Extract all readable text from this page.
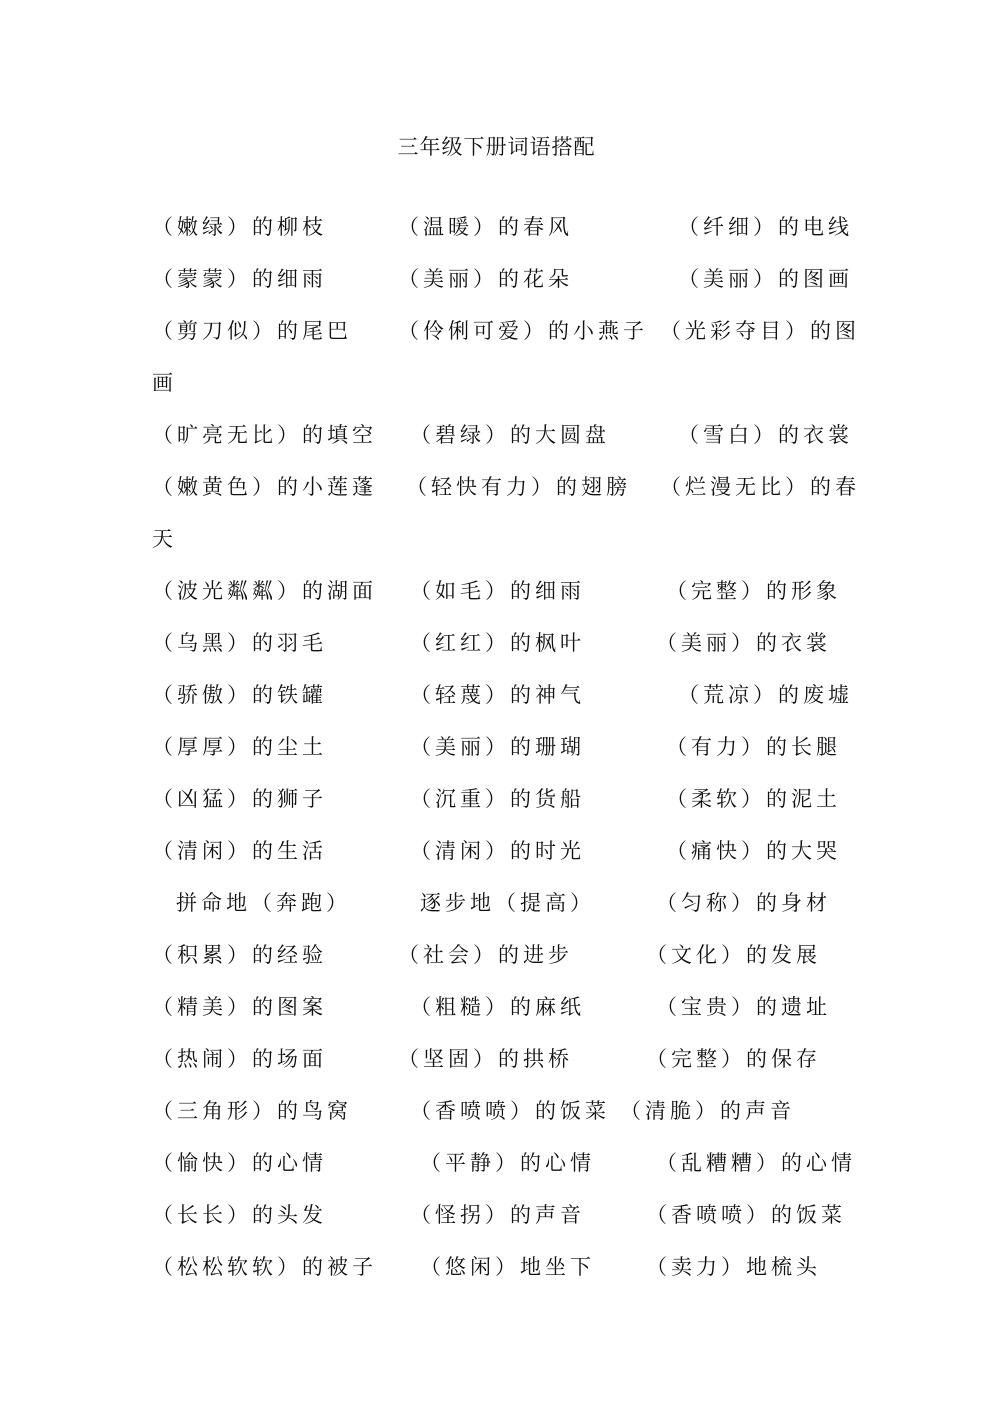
三年级下册词语搭配
（嫩绿）的柳枝	（温暖）的春风	（纤细）的电线
（蒙蒙）的细雨	（美丽）的花朵	（美丽）的图画
（剪刀似）的尾巴 （伶俐可爱）的小燕子 （光彩夺目）的图
画
（旷亮无比）的填空 （碧绿）的大圆盘	（雪白）的衣裳
（嫩黄色）的小莲蓬 （轻快有力）的翅膀 （烂漫无比）的春
天
（波光粼粼）的湖面 （如毛）的细雨	（完整）的形象
（乌黑）的羽毛	（红红）的枫叶	（美丽）的衣裳
（骄傲）的铁罐	（轻蔑）的神气	（荒凉）的废墟
（厚厚）的尘土	（美丽）的珊瑚	（有力）的长腿
（凶猛）的狮子	（沉重）的货船	（柔软）的泥土
（清闲）的生活	（清闲）的时光	（痛快）的大哭
拼命地（奔跑）	逐步地（提高）	（匀称）的身材
（积累）的经验	（社会）的进步	（文化）的发展
（精美）的图案	（粗糙）的麻纸	（宝贵）的遗址
（热闹）的场面	（坚固）的拱桥	（完整）的保存
（三角形）的鸟窝	（香喷喷）的饭菜 （清脆）的声音
（愉快）的心情	（平静）的心情	（乱糟糟）的心情
（长长）的头发	（怪拐）的声音	（香喷喷）的饭菜
（松松软软）的被子 （悠闲）地坐下 （卖力）地梳头
